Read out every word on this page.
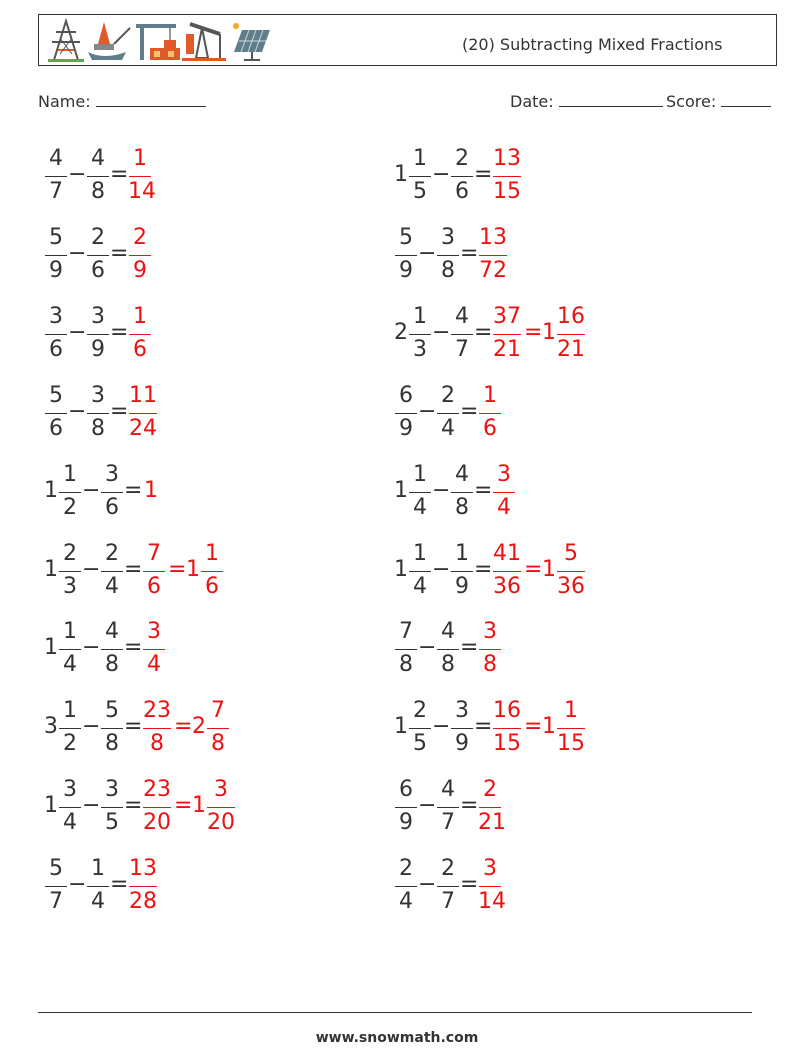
(20) Subtracting Mixed Fractions
Name:	Date:	Score:
4
7
−
4
8
=
1
14
1
1
5
−
2
6
=
13
15
5
9
−
2
6
=
2
9
5
9
−
3
8
=
13
72
3
6
−
3
9
=
1
6
2
1
3
−
4
7
=
37
21
= 1
16
21
5
6
−
3
8
=
11
24
6
9
−
2
4
=
1
6
1
1
2
−
3
6
= 1	1
1
4
−
4
8
=
3
4
1
2
3
−
2
4
=
7
6
= 1
1
6
1
1
4
−
1
9
=
41
36
= 1
5
36
1
1
4
−
4
8
=
3
4
7
8
−
4
8
=
3
8
3
1
2
−
5
8
=
23
8
= 2
7
8
1
2
5
−
3
9
=
16
15
= 1
1
15
1
3
4
−
3
5
=
23
20
= 1
3
20
6
9
−
4
7
=
2
21
5
7
−
1
4
=
13
28
2
4
−
2
7
=
3
14
www.snowmath.com
